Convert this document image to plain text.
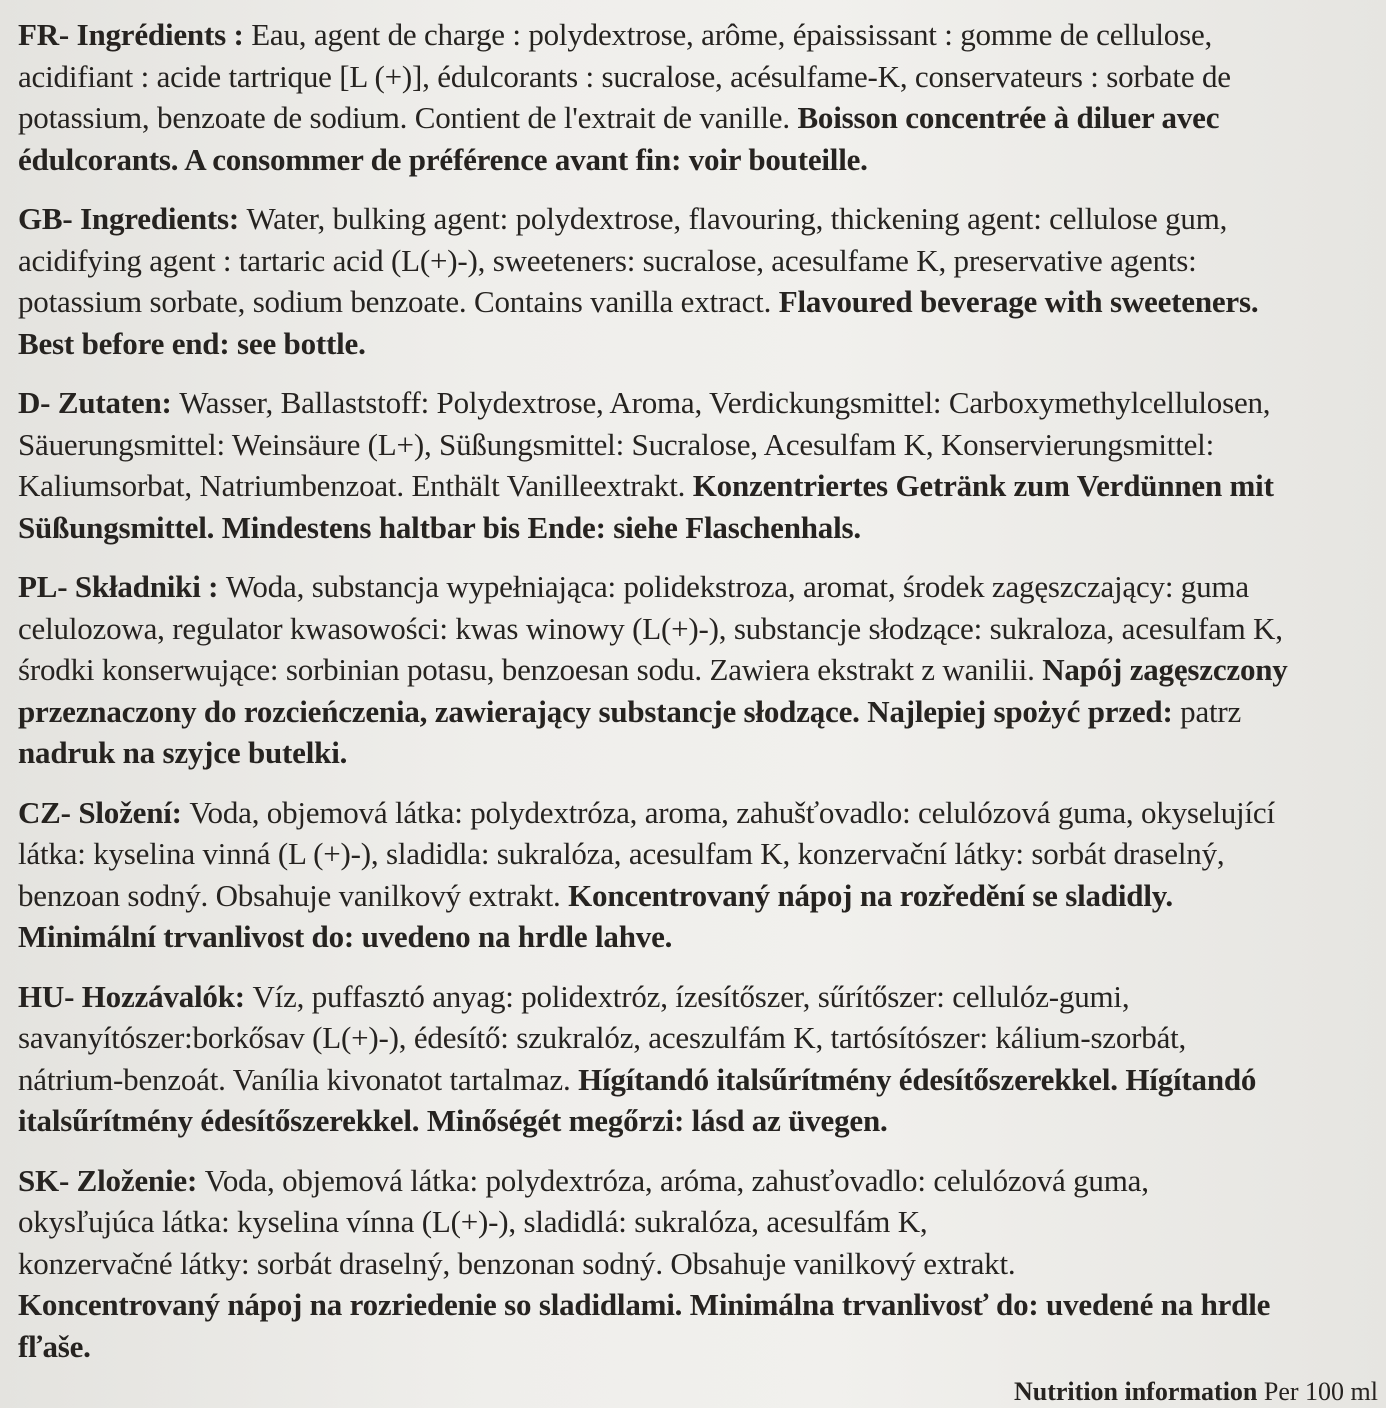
FR- Ingrédients : Eau, agent de charge : polydextrose, arôme, épaississant : gomme de cellulose,
acidifiant : acide tartrique [L (+)], édulcorants : sucralose, acésulfame-K, conservateurs : sorbate de
potassium, benzoate de sodium. Contient de l'extrait de vanille. Boisson concentrée à diluer avec
édulcorants. A consommer de préférence avant fin: voir bouteille.
GB- Ingredients: Water, bulking agent: polydextrose, flavouring, thickening agent: cellulose gum,
acidifying agent : tartaric acid (L(+)-), sweeteners: sucralose, acesulfame K, preservative agents:
potassium sorbate, sodium benzoate. Contains vanilla extract. Flavoured beverage with sweeteners.
Best before end: see bottle.
D- Zutaten: Wasser, Ballaststoff: Polydextrose, Aroma, Verdickungsmittel: Carboxymethylcellulosen,
Säuerungsmittel: Weinsäure (L+), Süßungsmittel: Sucralose, Acesulfam K, Konservierungsmittel:
Kaliumsorbat, Natriumbenzoat. Enthält Vanilleextrakt. Konzentriertes Getränk zum Verdünnen mit
Süßungsmittel. Mindestens haltbar bis Ende: siehe Flaschenhals.
PL- Składniki : Woda, substancja wypełniająca: polidekstroza, aromat, środek zagęszczający: guma
celulozowa, regulator kwasowości: kwas winowy (L(+)-), substancje słodzące: sukraloza, acesulfam K,
środki konserwujące: sorbinian potasu, benzoesan sodu. Zawiera ekstrakt z wanilii. Napój zagęszczony
przeznaczony do rozcieńczenia, zawierający substancje słodzące. Najlepiej spożyć przed: patrz
nadruk na szyjce butelki.
CZ- Složení: Voda, objemová látka: polydextróza, aroma, zahušťovadlo: celulózová guma, okyselující
látka: kyselina vinná (L (+)-), sladidla: sukralóza, acesulfam K, konzervační látky: sorbát draselný,
benzoan sodný. Obsahuje vanilkový extrakt. Koncentrovaný nápoj na rozředění se sladidly.
Minimální trvanlivost do: uvedeno na hrdle lahve.
HU- Hozzávalók: Víz, puffasztó anyag: polidextróz, ízesítőszer, sűrítőszer: cellulóz-gumi,
savanyítószer:borkősav (L(+)-), édesítő: szukralóz, aceszulfám K, tartósítószer: kálium-szorbát,
nátrium-benzoát. Vanília kivonatot tartalmaz. Hígítandó italsűrítmény édesítőszerekkel. Hígítandó
italsűrítmény édesítőszerekkel. Minőségét megőrzi: lásd az üvegen.
SK- Zloženie: Voda, objemová látka: polydextróza, aróma, zahusťovadlo: celulózová guma,
okysľujúca látka: kyselina vínna (L(+)-), sladidlá: sukralóza, acesulfám K,
konzervačné látky: sorbát draselný, benzonan sodný. Obsahuje vanilkový extrakt.
Koncentrovaný nápoj na rozriedenie so sladidlami. Minimálna trvanlivosť do: uvedené na hrdle
fľaše.
Nutrition information Per 100 ml
